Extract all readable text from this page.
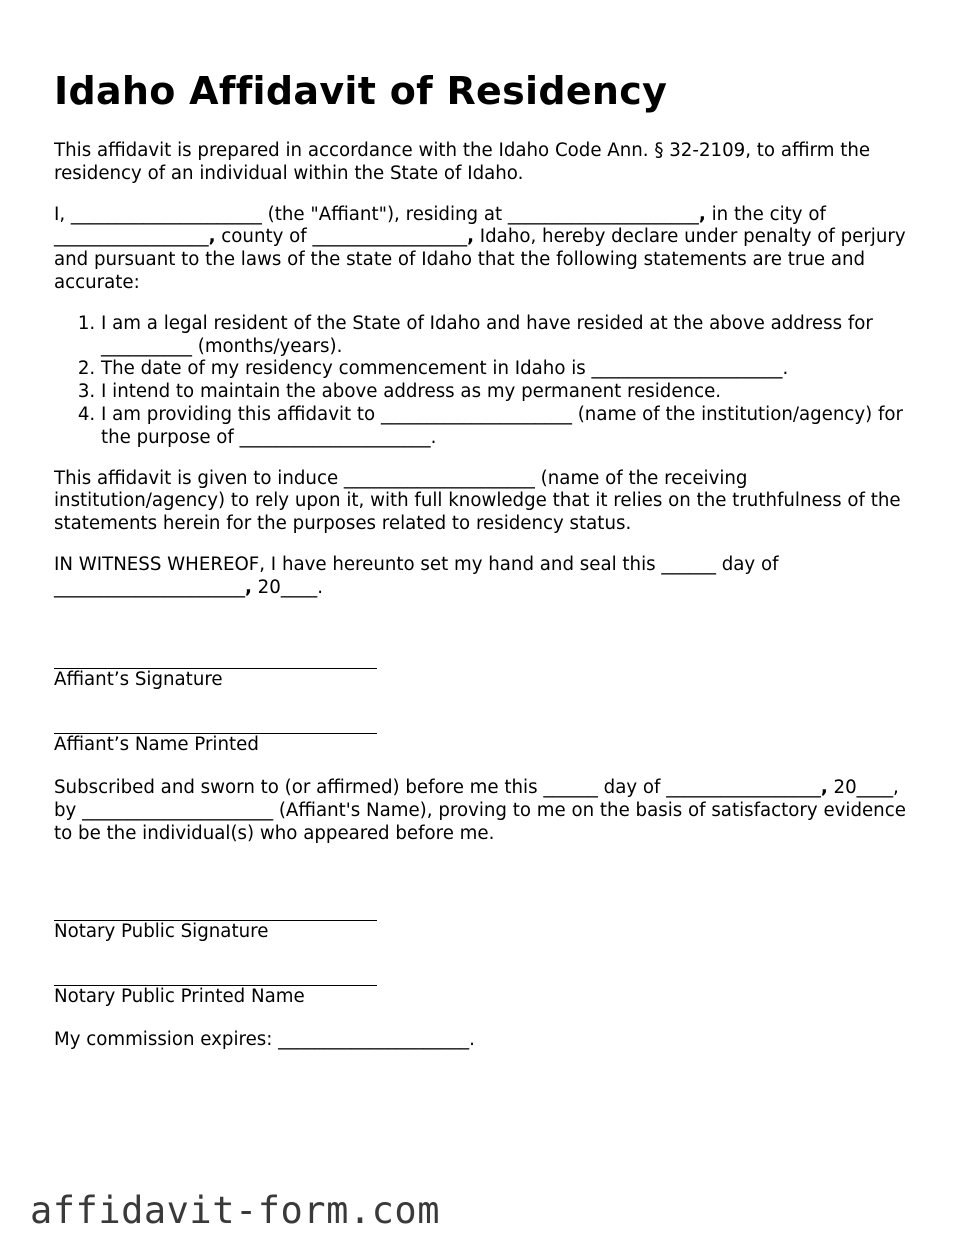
Idaho Affidavit of Residency

This affidavit is prepared in accordance with the Idaho Code Ann. § 32-2109, to affirm the residency of an individual within the State of Idaho.

I, _____________________ (the "Affiant"), residing at _____________________, in the city of _________________, county of _________________, Idaho, hereby declare under penalty of perjury and pursuant to the laws of the state of Idaho that the following statements are true and accurate:

1. I am a legal resident of the State of Idaho and have resided at the above address for __________ (months/years).
2. The date of my residency commencement in Idaho is _____________________.
3. I intend to maintain the above address as my permanent residence.
4. I am providing this affidavit to _____________________ (name of the institution/agency) for the purpose of _____________________.

This affidavit is given to induce _____________________ (name of the receiving institution/agency) to rely upon it, with full knowledge that it relies on the truthfulness of the statements herein for the purposes related to residency status.

IN WITNESS WHEREOF, I have hereunto set my hand and seal this ______ day of _____________________, 20____.

Affiant’s Signature
Affiant’s Name Printed

Subscribed and sworn to (or affirmed) before me this ______ day of _________________, 20____, by _____________________ (Affiant's Name), proving to me on the basis of satisfactory evidence to be the individual(s) who appeared before me.

Notary Public Signature
Notary Public Printed Name

My commission expires: _____________________.

affidavit-form.com
